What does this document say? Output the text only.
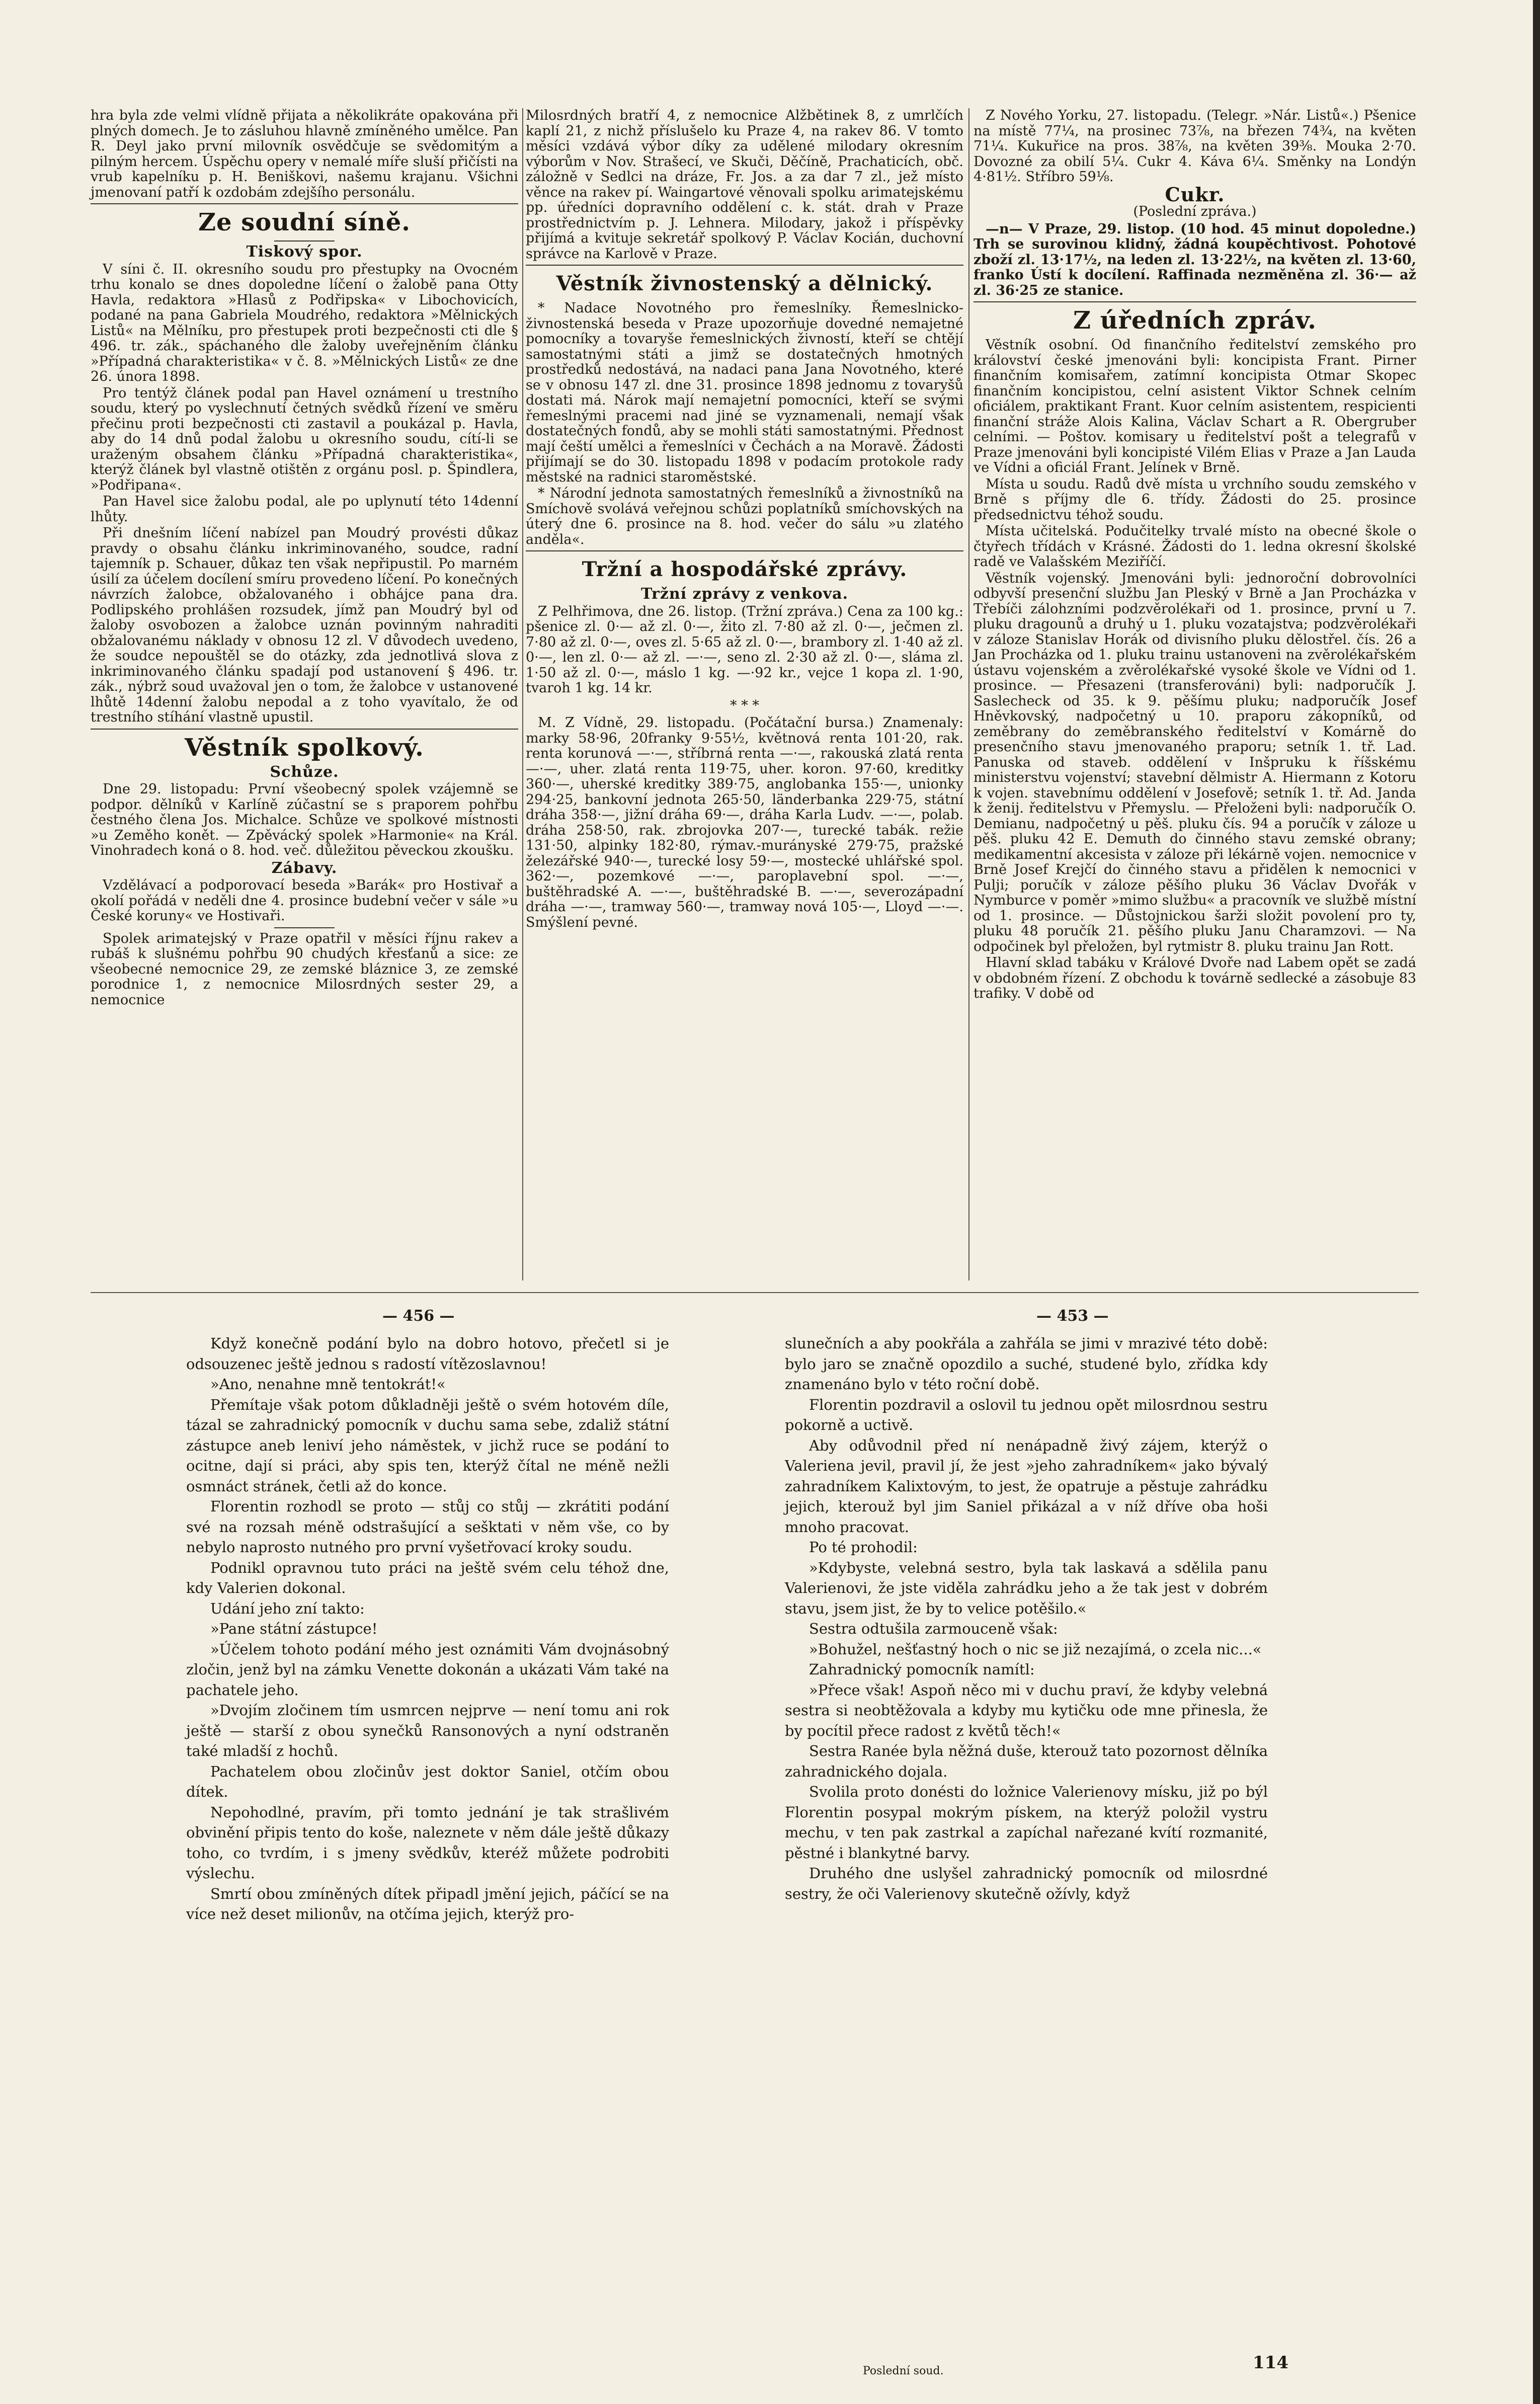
hra byla zde velmi vlídně přijata a několikráte opakována při plných domech. Je to zásluhou hlavně zmíněného umělce. Pan R. Deyl jako první milovník osvědčuje se svědomitým a pilným hercem. Úspěchu opery v nemalé míře sluší přičísti na vrub kapelníku p. H. Beniškovi, našemu krajanu. Všichni jmenovaní patří k ozdobám zdejšího personálu.

Ze soudní síně.
Tiskový spor.

V síni č. II. okresního soudu pro přestupky na Ovocném trhu konalo se dnes dopoledne líčení o žalobě pana Otty Havla, redaktora »Hlasů z Podřipska« v Libochovicích, podané na pana Gabriela Moudrého, redaktora »Mělnických Listů« na Mělníku, pro přestupek proti bezpečnosti cti dle § 496. tr. zák., spáchaného dle žaloby uveřejněním článku »Případná charakteristika« v č. 8. »Mělnických Listů« ze dne 26. února 1898.

Pro tentýž článek podal pan Havel oznámení u trestního soudu, který po vyslechnutí četných svědků řízení ve směru přečinu proti bezpečnosti cti zastavil a poukázal p. Havla, aby do 14 dnů podal žalobu u okresního soudu, cítí-li se uraženým obsahem článku »Případná charakteristika«, kterýž článek byl vlastně otištěn z orgánu posl. p. Špindlera, »Podřipana«.

Pan Havel sice žalobu podal, ale po uplynutí této 14denní lhůty.

Při dnešním líčení nabízel pan Moudrý provésti důkaz pravdy o obsahu článku inkriminovaného, soudce, radní tajemník p. Schauer, důkaz ten však nepřipustil. Po marném úsilí za účelem docílení smíru provedeno líčení. Po konečných návrzích žalobce, obžalovaného i obhájce pana dra. Podlipského prohlášen rozsudek, jímž pan Moudrý byl od žaloby osvobozen a žalobce uznán povinným nahraditi obžalovanému náklady v obnosu 12 zl. V důvodech uvedeno, že soudce nepouštěl se do otázky, zda jednotlivá slova z inkriminovaného článku spadají pod ustanovení § 496. tr. zák., nýbrž soud uvažoval jen o tom, že žalobce v ustanovené lhůtě 14denní žalobu nepodal a z toho vyavítalo, že od trestního stíhání vlastně upustil.

Věstník spolkový.
Schůze.

Dne 29. listopadu: První všeobecný spolek vzájemně se podpor. dělníků v Karlíně zúčastní se s praporem pohřbu čestného člena Jos. Michalce. Schůze ve spolkové místnosti »u Zeměho konět. — Zpěvácký spolek »Harmonie« na Král. Vinohradech koná o 8. hod. več. důležitou pěveckou zkoušku.

Zábavy.

Vzdělávací a podporovací beseda »Barák« pro Hostivař a okolí pořádá v neděli dne 4. prosince budební večer v sále »u České koruny« ve Hostivaři.

Spolek arimatejský v Praze opatřil v měsíci říjnu rakev a rubáš k slušnému pohřbu 90 chudých křesťanů a sice: ze všeobecné nemocnice 29, ze zemské bláznice 3, ze zemské porodnice 1, z nemocnice Milosrdných sester 29, a nemocnice

Milosrdných bratří 4, z nemocnice Alžbětinek 8, z umrlčích kaplí 21, z nichž příslušelo ku Praze 4, na rakev 86. V tomto měsíci vzdává výbor díky za udělené milodary okresním výborům v Nov. Strašecí, ve Skuči, Děčíně, Prachaticích, obč. záložně v Sedlci na dráze, Fr. Jos. a za dar 7 zl., jež místo věnce na rakev pí. Waingartové věnovali spolku arimatejskému pp. úředníci dopravního oddělení c. k. stát. drah v Praze prostřednictvím p. J. Lehnera. Milodary, jakož i příspěvky přijímá a kvituje sekretář spolkový P. Václav Kocián, duchovní správce na Karlově v Praze.

Věstník živnostenský a dělnický.

* Nadace Novotného pro řemeslníky. Řemeslnicko-živnostenská beseda v Praze upozorňuje dovedné nemajetné pomocníky a tovaryše řemeslnických živností, kteří se chtějí samostatnými státi a jimž se dostatečných hmotných prostředků nedostává, na nadaci pana Jana Novotného, které se v obnosu 147 zl. dne 31. prosince 1898 jednomu z tovaryšů dostati má. Nárok mají nemajetní pomocníci, kteří se svými řemeslnými pracemi nad jiné se vyznamenali, nemají však dostatečných fondů, aby se mohli státi samostatnými. Přednost mají čeští umělci a řemeslníci v Čechách a na Moravě. Žádosti přijímají se do 30. listopadu 1898 v podacím protokole rady městské na radnici staroměstské.

* Národní jednota samostatných řemeslníků a živnostníků na Smíchově svolává veřejnou schůzi poplatníků smíchovských na úterý dne 6. prosince na 8. hod. večer do sálu »u zlatého anděla«.

Tržní a hospodářské zprávy.
Tržní zprávy z venkova.

Z Pelhřimova, dne 26. listop. (Tržní zpráva.) Cena za 100 kg.: pšenice zl. 0·— až zl. 0·—, žito zl. 7·80 až zl. 0·—, ječmen zl. 7·80 až zl. 0·—, oves zl. 5·65 až zl. 0·—, brambory zl. 1·40 až zl. 0·—, len zl. 0·— až zl. —·—, seno zl. 2·30 až zl. 0·—, sláma zl. 1·50 až zl. 0·—, máslo 1 kg. —·92 kr., vejce 1 kopa zl. 1·90, tvaroh 1 kg. 14 kr.

* * *

M. Z Vídně, 29. listopadu. (Počátační bursa.) Znamenaly: marky 58·96, 20franky 9·55½, květnová renta 101·20, rak. renta korunová —·—, stříbrná renta —·—, rakouská zlatá renta —·—, uher. zlatá renta 119·75, uher. koron. 97·60, kreditky 360·—, uherské kreditky 389·75, anglobanka 155·—, unionky 294·25, bankovní jednota 265·50, länderbanka 229·75, státní dráha 358·—, jižní dráha 69·—, dráha Karla Ludv. —·—, polab. dráha 258·50, rak. zbrojovka 207·—, turecké tabák. režie 131·50, alpinky 182·80, rýmav.-murányské 279·75, pražské železářské 940·—, turecké losy 59·—, mostecké uhlářské spol. 362·—, pozemkové —·—, paroplavební spol. —·—, buštěhradské A. —·—, buštěhradské B. —·—, severozápadní dráha —·—, tramway 560·—, tramway nová 105·—, Lloyd —·—. Smýšlení pevné.

Z Nového Yorku, 27. listopadu. (Telegr. »Nár. Listů«.) Pšenice na místě 77¼, na prosinec 73⅞, na březen 74¾, na květen 71¼. Kukuřice na pros. 38⅞, na květen 39⅜. Mouka 2·70. Dovozné za obilí 5¼. Cukr 4. Káva 6¼. Směnky na Londýn 4·81½. Stříbro 59⅛.

Cukr.
(Poslední zpráva.)

—n— V Praze, 29. listop. (10 hod. 45 minut dopoledne.) Trh se surovinou klidný, žádná koupěchtivost. Pohotové zboží zl. 13·17½, na leden zl. 13·22½, na květen zl. 13·60, franko Ústí k docílení. Raffinada nezměněna zl. 36·— až zl. 36·25 ze stanice.

Z úředních zpráv.

Věstník osobní. Od finančního ředitelství zemského pro království české jmenováni byli: koncipista Frant. Pirner finančním komisařem, zatímní koncipista Otmar Skopec finančním koncipistou, celní asistent Viktor Schnek celním oficiálem, praktikant Frant. Kuor celním asistentem, respicienti finanční stráže Alois Kalina, Václav Schart a R. Obergruber celními. — Poštov. komisary u ředitelství pošt a telegrafů v Praze jmenováni byli koncipisté Vilém Elias v Praze a Jan Lauda ve Vídni a oficiál Frant. Jelínek v Brně.

Místa u soudu. Radů dvě místa u vrchního soudu zemského v Brně s příjmy dle 6. třídy. Žádosti do 25. prosince předsednictvu téhož soudu.

Místa učitelská. Podučitelky trvalé místo na obecné škole o čtyřech třídách v Krásné. Žádosti do 1. ledna okresní školské radě ve Valašském Meziříčí.

Věstník vojenský. Jmenováni byli: jednoroční dobrovolníci odbyvší presenční službu Jan Pleský v Brně a Jan Procházka v Třebíči zálohzními podzvěrolékaři od 1. prosince, první u 7. pluku dragounů a druhý u 1. pluku vozatajstva; podzvěrolékaři v záloze Stanislav Horák od divisního pluku dělostřel. čís. 26 a Jan Procházka od 1. pluku trainu ustanoveni na zvěrolékařském ústavu vojenském a zvěrolékařské vysoké škole ve Vídni od 1. prosince. — Přesazeni (transferováni) byli: nadporučík J. Saslecheck od 35. k 9. pěšímu pluku; nadporučík Josef Hněvkovský, nadpočetný u 10. praporu zákopníků, od zeměbrany do zeměbranského ředitelství v Komárně do presenčního stavu jmenovaného praporu; setník 1. tř. Lad. Panuska od staveb. oddělení v Inšpruku k říšskému ministerstvu vojenství; stavební dělmistr A. Hiermann z Kotoru k vojen. stavebnímu oddělení v Josefově; setník 1. tř. Ad. Janda k ženij. ředitelstvu v Přemyslu. — Přeloženi byli: nadporučík O. Demianu, nadpočetný u pěš. pluku čís. 94 a poručík v záloze u pěš. pluku 42 E. Demuth do činného stavu zemské obrany; medikamentní akcesista v záloze při lékárně vojen. nemocnice v Brně Josef Krejčí do činného stavu a přidělen k nemocnici v Pulji; poručík v záloze pěšího pluku 36 Václav Dvořák v Nymburce v poměr »mimo službu« a pracovník ve službě místní od 1. prosince. — Důstojnickou šarži složit povolení pro ty, pluku 48 poručík 21. pěšího pluku Janu Charamzovi. — Na odpočinek byl přeložen, byl rytmistr 8. pluku trainu Jan Rott.

Hlavní sklad tabáku v Králové Dvoře nad Labem opět se zadá v obdobném řízení. Z obchodu k továrně sedlecké a zásobuje 83 trafiky. V době od

— 456 —	— 453 —

Když konečně podání bylo na dobro hotovo, přečetl si je odsouzenec ještě jednou s radostí vítězoslavnou!

»Ano, nenahne mně tentokrát!«

Přemítaje však potom důkladněji ještě o svém hotovém díle, tázal se zahradnický pomocník v duchu sama sebe, zdaliž státní zástupce aneb leniví jeho náměstek, v jichž ruce se podání to ocitne, dají si práci, aby spis ten, kterýž čítal ne méně nežli osmnáct stránek, četli až do konce.

Florentin rozhodl se proto — stůj co stůj — zkrátiti podání své na rozsah méně odstrašující a sešktati v něm vše, co by nebylo naprosto nutného pro první vyšetřovací kroky soudu.

Podnikl opravnou tuto práci na ještě svém celu téhož dne, kdy Valerien dokonal.

Udání jeho zní takto:

»Pane státní zástupce!

»Účelem tohoto podání mého jest oznámiti Vám dvojnásobný zločin, jenž byl na zámku Venette dokonán a ukázati Vám také na pachatele jeho.

»Dvojím zločinem tím usmrcen nejprve — není tomu ani rok ještě — starší z obou synečků Ransonových a nyní odstraněn také mladší z hochů.

Pachatelem obou zločinův jest doktor Saniel, otčím obou dítek.

Nepohodlné, pravím, při tomto jednání je tak strašlivém obvinění připis tento do koše, naleznete v něm dále ještě důkazy toho, co tvrdím, i s jmeny svědkův, kteréž můžete podrobiti výslechu.

Smrtí obou zmíněných dítek připadl jmění jejich, páčící se na více než deset milionův, na otčíma jejich, kterýž pro-

slunečních a aby pookřála a zahřála se jimi v mrazivé této době: bylo jaro se značně opozdilo a suché, studené bylo, zřídka kdy znamenáno bylo v této roční době.

Florentin pozdravil a oslovil tu jednou opět milosrdnou sestru pokorně a uctivě.

Aby odůvodnil před ní nenápadně živý zájem, kterýž o Valeriena jevil, pravil jí, že jest »jeho zahradníkem« jako bývalý zahradníkem Kalixtovým, to jest, že opatruje a pěstuje zahrádku jejich, kterouž byl jim Saniel přikázal a v níž dříve oba hoši mnoho pracovat.

Po té prohodil:

»Kdybyste, velebná sestro, byla tak laskavá a sdělila panu Valerienovi, že jste viděla zahrádku jeho a že tak jest v dobrém stavu, jsem jist, že by to velice potěšilo.«

Sestra odtušila zarmouceně však:

»Bohužel, nešťastný hoch o nic se již nezajímá, o zcela nic...«

Zahradnický pomocník namítl:

»Přece však! Aspoň něco mi v duchu praví, že kdyby velebná sestra si neobtěžovala a kdyby mu kytičku ode mne přinesla, že by pocítil přece radost z květů těch!«

Sestra Ranée byla něžná duše, kterouž tato pozornost dělníka zahradnického dojala.

Svolila proto donésti do ložnice Valerienovy mísku, již po býl Florentin posypal mokrým pískem, na kterýž položil vystru mechu, v ten pak zastrkal a zapíchal nařezané kvítí rozmanité, pěstné i blankytné barvy.

Druhého dne uslyšel zahradnický pomocník od milosrdné sestry, že oči Valerienovy skutečně ožívly, když

Poslední soud.	114
